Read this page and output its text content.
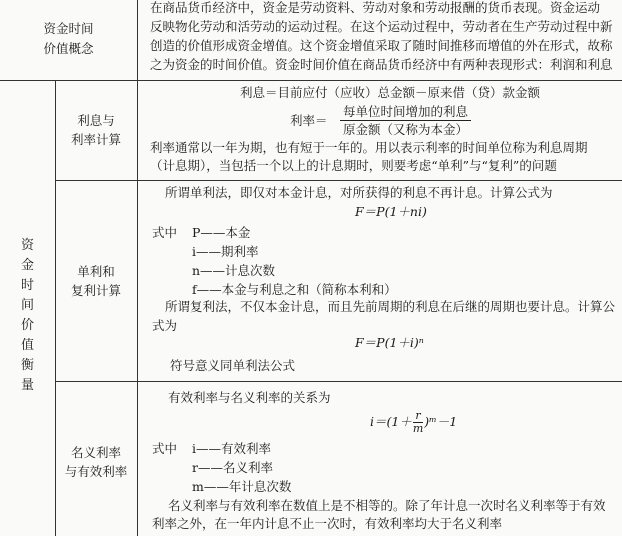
资金时间
价值概念
在商品货币经济中，资金是劳动资料、劳动对象和劳动报酬的货币表现。资金运动
反映物化劳动和活劳动的运动过程。在这个运动过程中，劳动者在生产劳动过程中新
创造的价值形成资金增值。这个资金增值采取了随时间推移而增值的外在形式，故称
之为资金的时间价值。资金时间价值在商品货币经济中有两种表现形式：利润和利息
资
金
时
间
价
值
衡
量
利息与
利率计算
利息＝目前应付（应收）总金额－原来借（贷）款金额
利率＝
每单位时间增加的利息
原金额（又称为本金）
利率通常以一年为期，也有短于一年的。用以表示利率的时间单位称为利息周期
（计息期），当包括一个以上的计息期时，则要考虑“单利”与“复利”的问题
单利和
复利计算
所谓单利法，即仅对本金计息，对所获得的利息不再计息。计算公式为
F＝P(1＋ni)
式中 P——本金
i——期利率
n——计息次数
f——本金与利息之和（简称本利和）
所谓复利法，不仅本金计息，而且先前周期的利息在后继的周期也要计息。计算公
式为
F＝P(1＋i)ⁿ
符号意义同单利法公式
名义利率
与有效利率
有效利率与名义利率的关系为
$i=(1+ \frac{r}{m}$ )ᵐ－1
式中 i——有效利率
r——名义利率
m——年计息次数
名义利率与有效利率在数值上是不相等的。除了年计息一次时名义利率等于有效
利率之外，在一年内计息不止一次时，有效利率均大于名义利率
